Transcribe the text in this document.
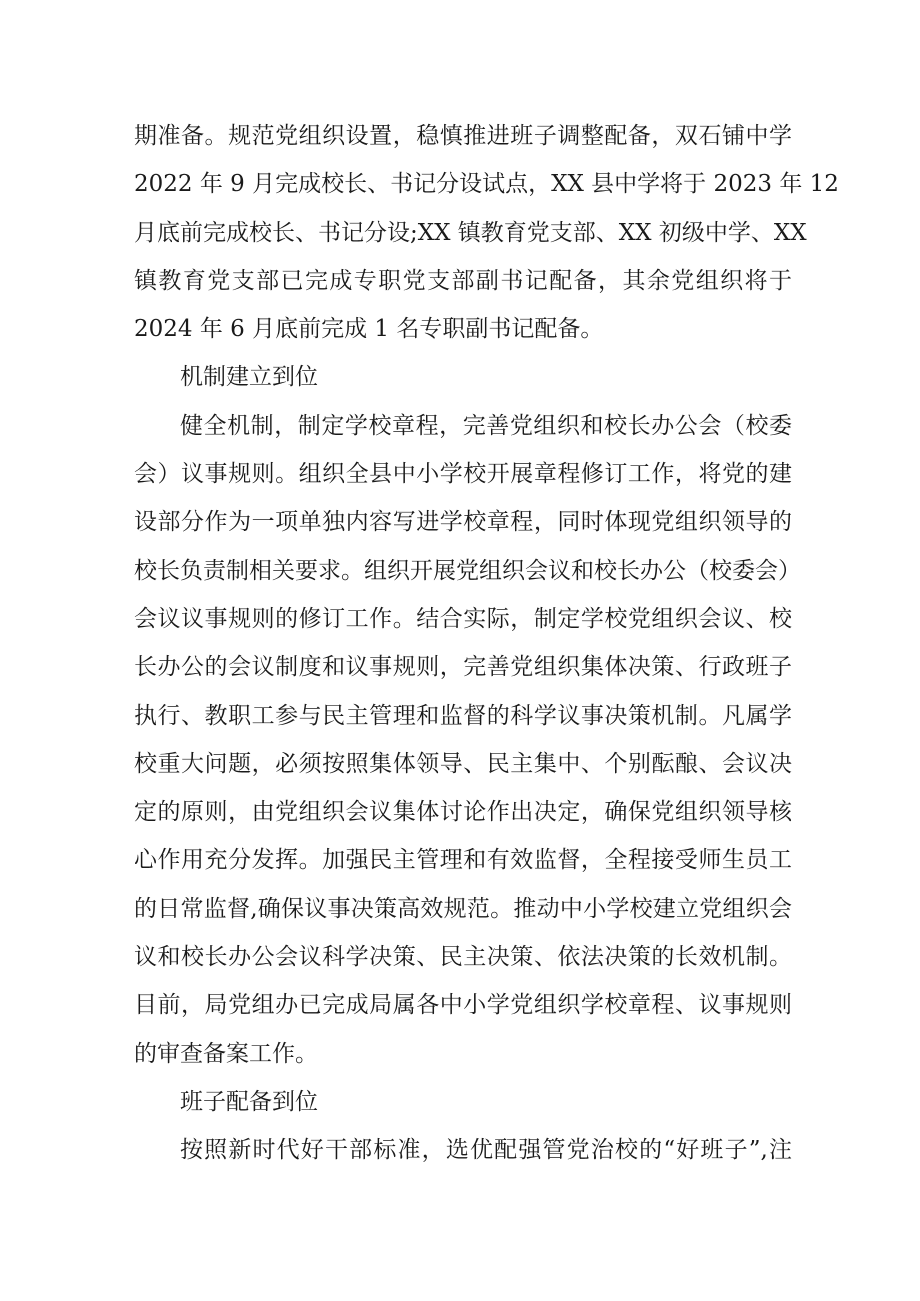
期准备。规范党组织设置，稳慎推进班子调整配备，双石铺中学
2022 年 9 月完成校长、书记分设试点，XX 县中学将于 2023 年 12
月底前完成校长、书记分设;XX 镇教育党支部、XX 初级中学、XX
镇教育党支部已完成专职党支部副书记配备，其余党组织将于
2024 年 6 月底前完成 1 名专职副书记配备。
机制建立到位
健全机制，制定学校章程，完善党组织和校长办公会（校委
会）议事规则。组织全县中小学校开展章程修订工作，将党的建
设部分作为一项单独内容写进学校章程，同时体现党组织领导的
校长负责制相关要求。组织开展党组织会议和校长办公（校委会）
会议议事规则的修订工作。结合实际，制定学校党组织会议、校
长办公的会议制度和议事规则，完善党组织集体决策、行政班子
执行、教职工参与民主管理和监督的科学议事决策机制。凡属学
校重大问题，必须按照集体领导、民主集中、个别酝酿、会议决
定的原则，由党组织会议集体讨论作出决定，确保党组织领导核
心作用充分发挥。加强民主管理和有效监督，全程接受师生员工
的日常监督,确保议事决策高效规范。推动中小学校建立党组织会
议和校长办公会议科学决策、民主决策、依法决策的长效机制。
目前，局党组办已完成局属各中小学党组织学校章程、议事规则
的审查备案工作。
班子配备到位
按照新时代好干部标准，选优配强管党治校的“好班子”,注
